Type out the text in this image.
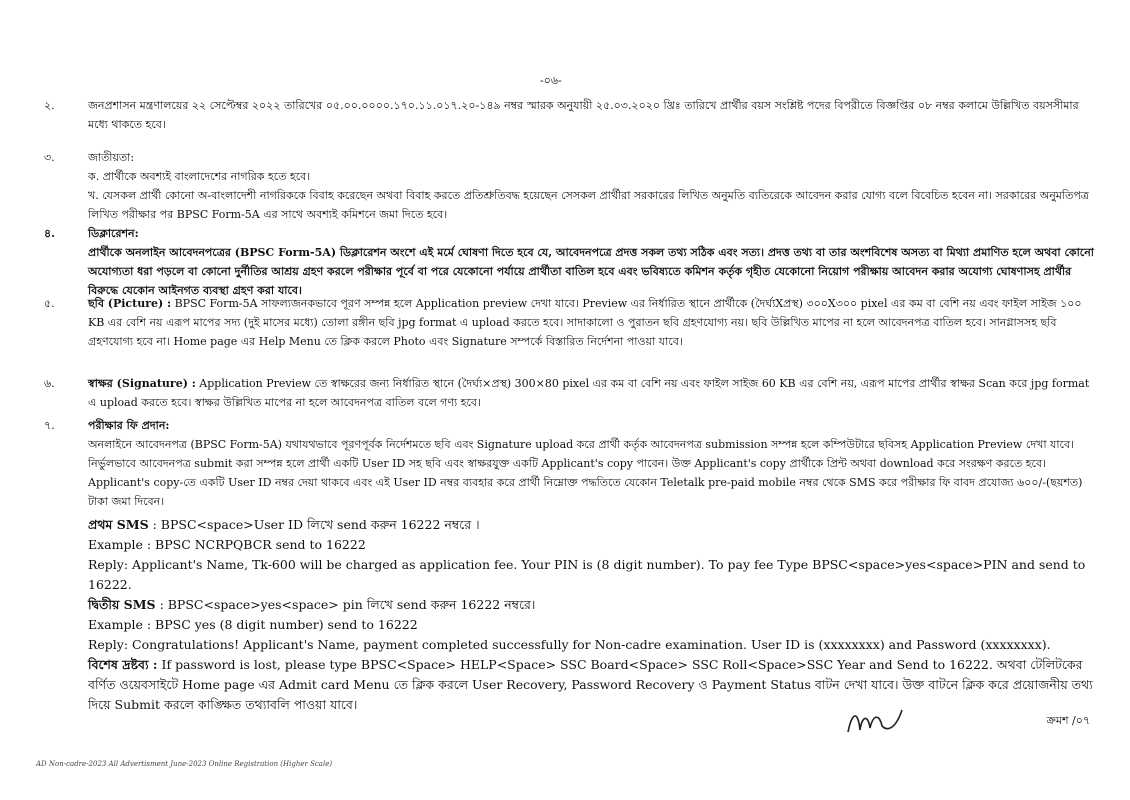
-০৬-
২.	জনপ্রশাসন মন্ত্রণালয়ের ২২ সেপ্টেম্বর ২০২২ তারিখের ০৫.০০.০০০০.১৭০.১১.০১৭.২০-১৪৯ নম্বর স্মারক অনুযায়ী ২৫.০৩.২০২০ খ্রিঃ তারিখে প্রার্থীর বয়স সংশ্লিষ্ট পদের বিপরীতে বিজ্ঞপ্তির ০৮ নম্বর কলামে উল্লিখিত বয়সসীমার মধ্যে থাকতে হবে।

৩.	জাতীয়তা:

ক. প্রার্থীকে অবশ্যই বাংলাদেশের নাগরিক হতে হবে।

খ. যেসকল প্রার্থী কোনো অ-বাংলাদেশী নাগরিককে বিবাহ করেছেন অথবা বিবাহ করতে প্রতিশ্রুতিবদ্ধ হয়েছেন সেসকল প্রার্থীরা সরকারের লিখিত অনুমতি ব্যতিরেকে আবেদন করার যোগ্য বলে বিবেচিত হবেন না। সরকারের অনুমতিপত্র লিখিত পরীক্ষার পর BPSC Form-5A এর সাথে অবশ্যই কমিশনে জমা দিতে হবে।

৪.	ডিক্লারেশন:

প্রার্থীকে অনলাইন আবেদনপত্রের (BPSC Form-5A) ডিক্লারেশন অংশে এই মর্মে ঘোষণা দিতে হবে যে, আবেদনপত্রে প্রদত্ত সকল তথ্য সঠিক এবং সত্য। প্রদত্ত তথ্য বা তার অংশবিশেষ অসত্য বা মিথ্যা প্রমাণিত হলে অথবা কোনো অযোগ্যতা ধরা পড়লে বা কোনো দুর্নীতির আশ্রয় গ্রহণ করলে পরীক্ষার পূর্বে বা পরে যেকোনো পর্যায়ে প্রার্থীতা বাতিল হবে এবং ভবিষ্যতে কমিশন কর্তৃক গৃহীত যেকোনো নিয়োগ পরীক্ষায় আবেদন করার অযোগ্য ঘোষণাসহ প্রার্থীর বিরুদ্ধে যেকোন আইনগত ব্যবস্থা গ্রহণ করা যাবে।

৫.	ছবি (Picture) : BPSC Form-5A সাফল্যজনকভাবে পূরণ সম্পন্ন হলে Application preview দেখা যাবে। Preview এর নির্ধারিত স্থানে প্রার্থীকে (দৈর্ঘ্যXপ্রস্থ) ৩০০X৩০০ pixel এর কম বা বেশি নয় এবং ফাইল সাইজ ১০০ KB এর বেশি নয় এরূপ মাপের সদ্য (দুই মাসের মধ্যে) তোলা রঙ্গীন ছবি jpg format এ upload করতে হবে। সাদাকালো ও পুরাতন ছবি গ্রহণযোগ্য নয়। ছবি উল্লিখিত মাপের না হলে আবেদনপত্র বাতিল হবে। সানগ্লাসসহ ছবি গ্রহণযোগ্য হবে না। Home page এর Help Menu তে ক্লিক করলে Photo এবং Signature সম্পর্কে বিস্তারিত নির্দেশনা পাওয়া যাবে।

৬.	স্বাক্ষর (Signature) : Application Preview তে স্বাক্ষরের জন্য নির্ধারিত স্থানে (দৈর্ঘ্য×প্রস্থ) 300×80 pixel এর কম বা বেশি নয় এবং ফাইল সাইজ 60 KB এর বেশি নয়, এরূপ মাপের প্রার্থীর স্বাক্ষর Scan করে jpg format এ upload করতে হবে। স্বাক্ষর উল্লিখিত মাপের না হলে আবেদনপত্র বাতিল বলে গণ্য হবে।

৭.	পরীক্ষার ফি প্রদান:

অনলাইনে আবেদনপত্র (BPSC Form-5A) যথাযথভাবে পূরণপূর্বক নির্দেশমতে ছবি এবং Signature upload করে প্রার্থী কর্তৃক আবেদনপত্র submission সম্পন্ন হলে কম্পিউটারে ছবিসহ Application Preview দেখা যাবে। নির্ভুলভাবে আবেদনপত্র submit করা সম্পন্ন হলে প্রার্থী একটি User ID সহ ছবি এবং স্বাক্ষরযুক্ত একটি Applicant's copy পাবেন। উক্ত Applicant's copy প্রার্থীকে প্রিন্ট অথবা download করে সংরক্ষণ করতে হবে। Applicant's copy-তে একটি User ID নম্বর দেয়া থাকবে এবং এই User ID নম্বর ব্যবহার করে প্রার্থী নিম্নোক্ত পদ্ধতিতে যেকোন Teletalk pre-paid mobile নম্বর থেকে SMS করে পরীক্ষার ফি বাবদ প্রযোজ্য ৬০০/-(ছয়শত) টাকা জমা দিবেন।

প্রথম SMS : BPSC<space>User ID লিখে send করুন 16222 নম্বরে ।

Example : BPSC NCRPQBCR send to 16222

Reply: Applicant's Name, Tk-600 will be charged as application fee. Your PIN is (8 digit number). To pay fee Type BPSC<space>yes<space>PIN and send to 16222.

দ্বিতীয় SMS : BPSC<space>yes<space> pin লিখে send করুন 16222 নম্বরে।

Example : BPSC yes (8 digit number) send to 16222

Reply: Congratulations! Applicant's Name, payment completed successfully for Non-cadre examination. User ID is (xxxxxxxx) and Password (xxxxxxxx).

বিশেষ দ্রষ্টব্য : If password is lost, please type BPSC<Space> HELP<Space> SSC Board<Space> SSC Roll<Space>SSC Year and Send to 16222. অথবা টেলিটকের বর্ণিত ওয়েবসাইটে Home page এর Admit card Menu তে ক্লিক করলে User Recovery, Password Recovery ও Payment Status বাটন দেখা যাবে। উক্ত বাটনে ক্লিক করে প্রয়োজনীয় তথ্য দিয়ে Submit করলে কাঙ্ক্ষিত তথ্যাবলি পাওয়া যাবে।

ক্রমশ /০৭
AD Non-cadre-2023 All Advertisment June-2023 Online Registration (Higher Scale)
